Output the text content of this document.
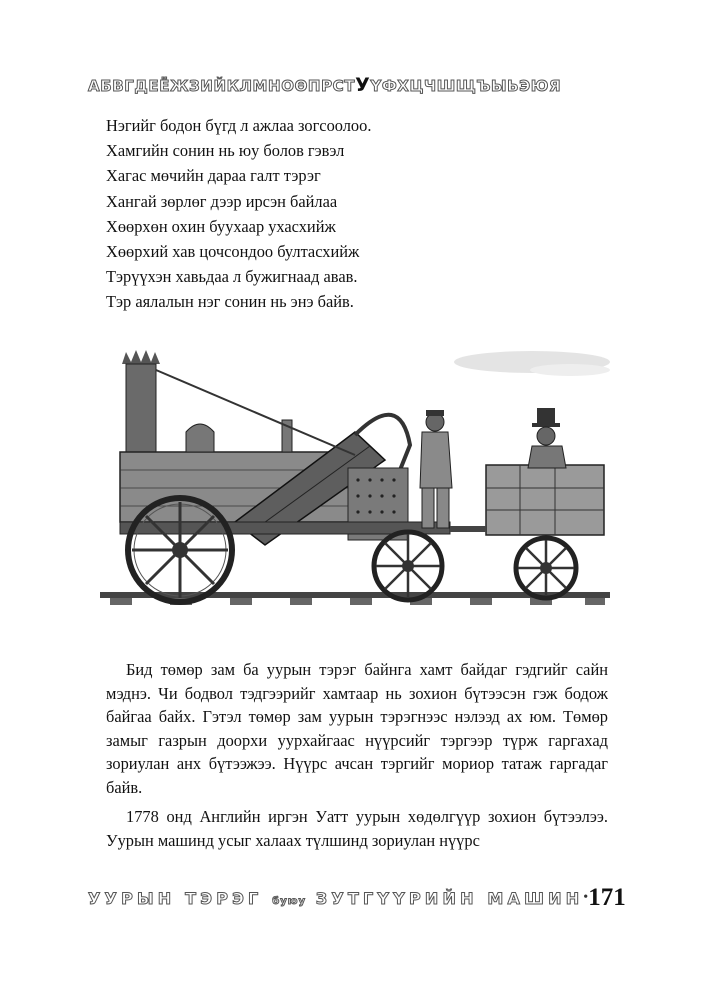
АБВГДЕЁЖЗИЙКЛМНОӨПРСТУҮФХЦЧШЩЪЫЬЭЮЯ
Нэгийг бодон бүгд л ажлаа зогсоолоо.
Хамгийн сонин нь юу болов гэвэл
Хагас мөчийн дараа галт тэрэг
Хангай зөрлөг дээр ирсэн байлаа
Хөөрхөн охин буухаар ухасхийж
Хөөрхий хав цочсондоо бултасхийж
Тэрүүхэн хавьдаа л бужигнаад авав.
Тэр аялалын нэг сонин нь энэ байв.

Бид төмөр зам ба уурын тэрэг байнга хамт байдаг гэдгийг сайн мэднэ. Чи бодвол тэдгээрийг хамтаар нь зохион бүтээсэн гэж бодож байгаа байх. Гэтэл төмөр зам уурын тэрэгнээс нэлээд ах юм. Төмөр замыг газрын доорхи уурхайгаас нүүрсийг тэргээр түрж гаргахад зориулан анх бүтээжээ. Нүүрс ачсан тэргийг мориор татаж гаргадаг байв.

1778 онд Английн иргэн Уатт уурын хөдөлгүүр зохион бүтээлээ. Уурын машинд усыг халаах түлшинд зориулан нүүрс

УУРЫН ТЭРЭГ буюу ЗУТГҮҮРИЙН МАШИН • 171
